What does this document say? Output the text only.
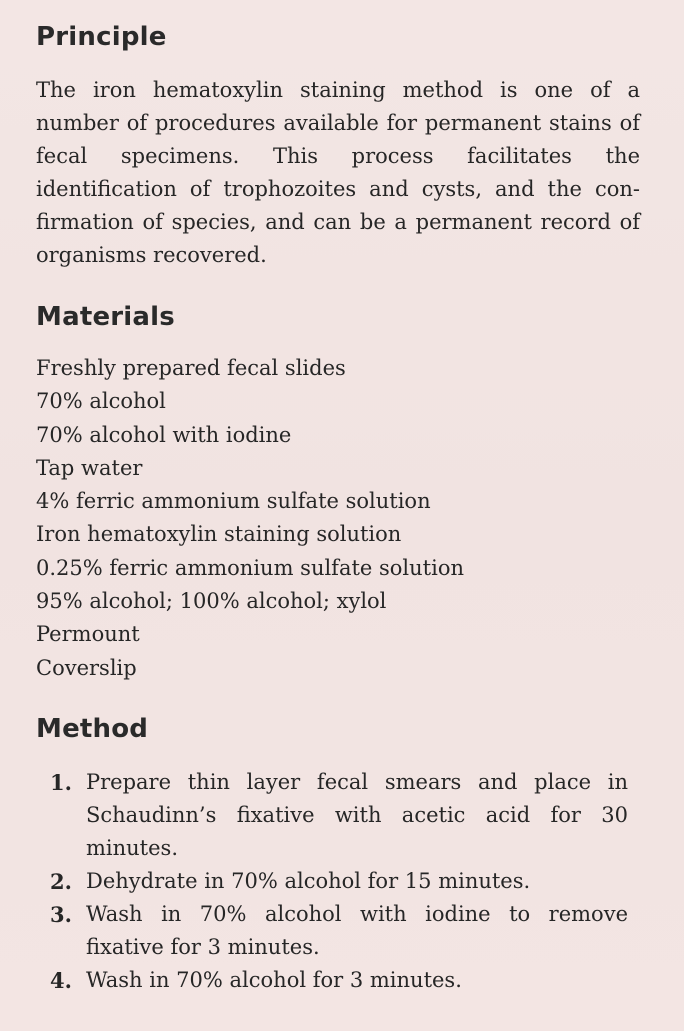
Principle

The iron hematoxylin staining method is one of a number of procedures available for permanent stains of fecal specimens. This process facilitates the identification of trophozoites and cysts, and the con-firmation of species, and can be a permanent record of organisms recovered.

Materials
Freshly prepared fecal slides
70% alcohol
70% alcohol with iodine
Tap water
4% ferric ammonium sulfate solution
Iron hematoxylin staining solution
0.25% ferric ammonium sulfate solution
95% alcohol; 100% alcohol; xylol
Permount
Coverslip
Method
1. Prepare thin layer fecal smears and place in Schaudinn’s fixative with acetic acid for 30 minutes.
2. Dehydrate in 70% alcohol for 15 minutes.
3. Wash in 70% alcohol with iodine to remove fixative for 3 minutes.
4. Wash in 70% alcohol for 3 minutes.
